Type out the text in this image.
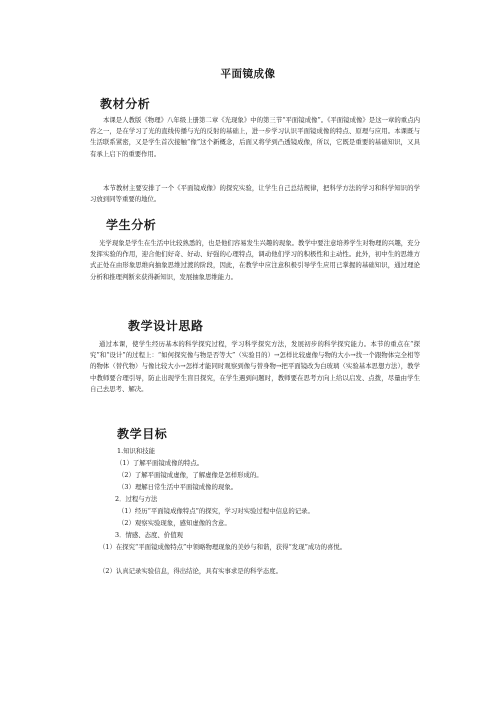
平面镜成像
教材分析

本课是人教版《物理》八年级上册第二章《光现象》中的第三节“平面镜成像”。《平面镜成像》是这一章的重点内容之一，是在学习了光的直线传播与光的反射的基础上，进一步学习认识平面镜成像的特点、原理与应用。本课既与生活联系紧密，又是学生首次接触“像”这个新概念，后面又将学到凸透镜成像，所以，它既是重要的基础知识，又具有承上启下的重要作用。

本节教材主要安排了一个《平面镜成像》的探究实验，让学生自己总结规律，把科学方法的学习和科学知识的学习放到同等重要的地位。

学生分析

光学现象是学生在生活中比较熟悉的，也是他们容易发生兴趣的现象。教学中要注意培养学生对物理的兴趣，充分发挥实验的作用，迎合他们好奇、好动、好强的心理特点，调动他们学习的积极性和主动性。此外，初中生的思维方式正处在由形象思维向抽象思维过渡的阶段，因此，在教学中应注意积极引导学生应用已掌握的基础知识，通过理论分析和推理判断来获得新知识，发展抽象思维能力。

教学设计思路

通过本课，使学生经历基本的科学探究过程，学习科学探究方法，发展初步的科学探究能力。本节的重点在“探究”和“设计”的过程上：“如何探究像与物是否等大”（实验目的）→怎样比较虚像与物的大小→找一个跟物体完全相等的物体（替代物）与像比较大小→怎样才能同时观察到像与替身物→把平面镜改为白玻璃（实验基本思想方法），教学中教师要合理引导，防止出现学生盲目探究，在学生遇到问题时，教师要在思考方向上给以启发、点拨，尽量由学生自己去思考、解决。

教学目标
1.知识和技能
（1）了解平面镜成像的特点。
（2）了解平面镜成虚像，了解虚像是怎样形成的。
（3）理解日常生活中平面镜成像的现象。
2．过程与方法
（1）经历“平面镜成像特点”的探究，学习对实验过程中信息的记录。
（2）观察实验现象，感知虚像的含意。
3．情感、态度、价值观

（1）在探究“平面镜成像特点”中领略物理现象的美妙与和谐，获得“发现”成功的喜悦。

（2）认真记录实验信息，得出结论，具有实事求是的科学态度。
